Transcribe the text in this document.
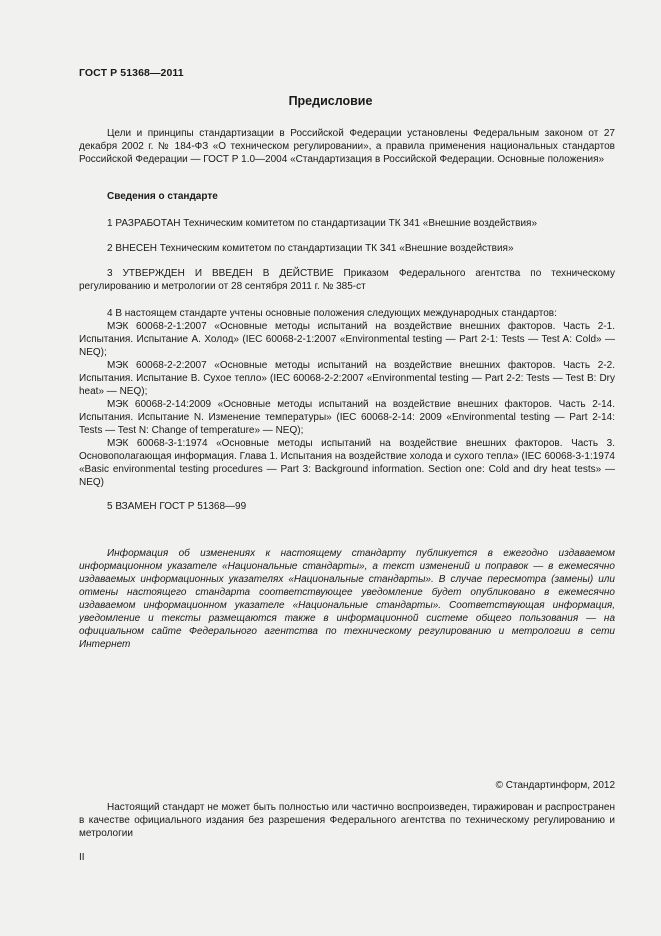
ГОСТ Р 51368—2011
Предисловие

Цели и принципы стандартизации в Российской Федерации установлены Федеральным законом от 27 декабря 2002 г. № 184-ФЗ «О техническом регулировании», а правила применения национальных стандартов Российской Федерации — ГОСТ Р 1.0—2004 «Стандартизация в Российской Федерации. Основные положения»

Сведения о стандарте

1 РАЗРАБОТАН Техническим комитетом по стандартизации ТК 341 «Внешние воздействия»

2 ВНЕСЕН Техническим комитетом по стандартизации ТК 341 «Внешние воздействия»

3 УТВЕРЖДЕН И ВВЕДЕН В ДЕЙСТВИЕ Приказом Федерального агентства по техническому регулированию и метрологии от 28 сентября 2011 г. № 385-ст

4 В настоящем стандарте учтены основные положения следующих международных стандартов:

МЭК 60068-2-1:2007 «Основные методы испытаний на воздействие внешних факторов. Часть 2-1. Испытания. Испытание А. Холод» (IEC 60068-2-1:2007 «Environmental testing — Part 2-1: Tests — Test A: Cold» — NEQ);

МЭК 60068-2-2:2007 «Основные методы испытаний на воздействие внешних факторов. Часть 2-2. Испытания. Испытание В. Сухое тепло» (IEC 60068-2-2:2007 «Environmental testing — Part 2-2: Tests — Test B: Dry heat» — NEQ);

МЭК 60068-2-14:2009 «Основные методы испытаний на воздействие внешних факторов. Часть 2-14. Испытания. Испытание N. Изменение температуры» (IEC 60068-2-14: 2009 «Environmental testing — Part 2-14: Tests — Test N: Change of temperature» — NEQ);

МЭК 60068-3-1:1974 «Основные методы испытаний на воздействие внешних факторов. Часть 3. Основополагающая информация. Глава 1. Испытания на воздействие холода и сухого тепла» (IEC 60068-3-1:1974 «Basic environmental testing procedures — Part 3: Background information. Section one: Cold and dry heat tests» — NEQ)

5 ВЗАМЕН ГОСТ Р 51368—99

Информация об изменениях к настоящему стандарту публикуется в ежегодно издаваемом информационном указателе «Национальные стандарты», а текст изменений и поправок — в ежемесячно издаваемых информационных указателях «Национальные стандарты». В случае пересмотра (замены) или отмены настоящего стандарта соответствующее уведомление будет опубликовано в ежемесячно издаваемом информационном указателе «Национальные стандарты». Соответствующая информация, уведомление и тексты размещаются также в информационной системе общего пользования — на официальном сайте Федерального агентства по техническому регулированию и метрологии в сети Интернет

© Стандартинформ, 2012

Настоящий стандарт не может быть полностью или частично воспроизведен, тиражирован и распространен в качестве официального издания без разрешения Федерального агентства по техническому регулированию и метрологии

II
